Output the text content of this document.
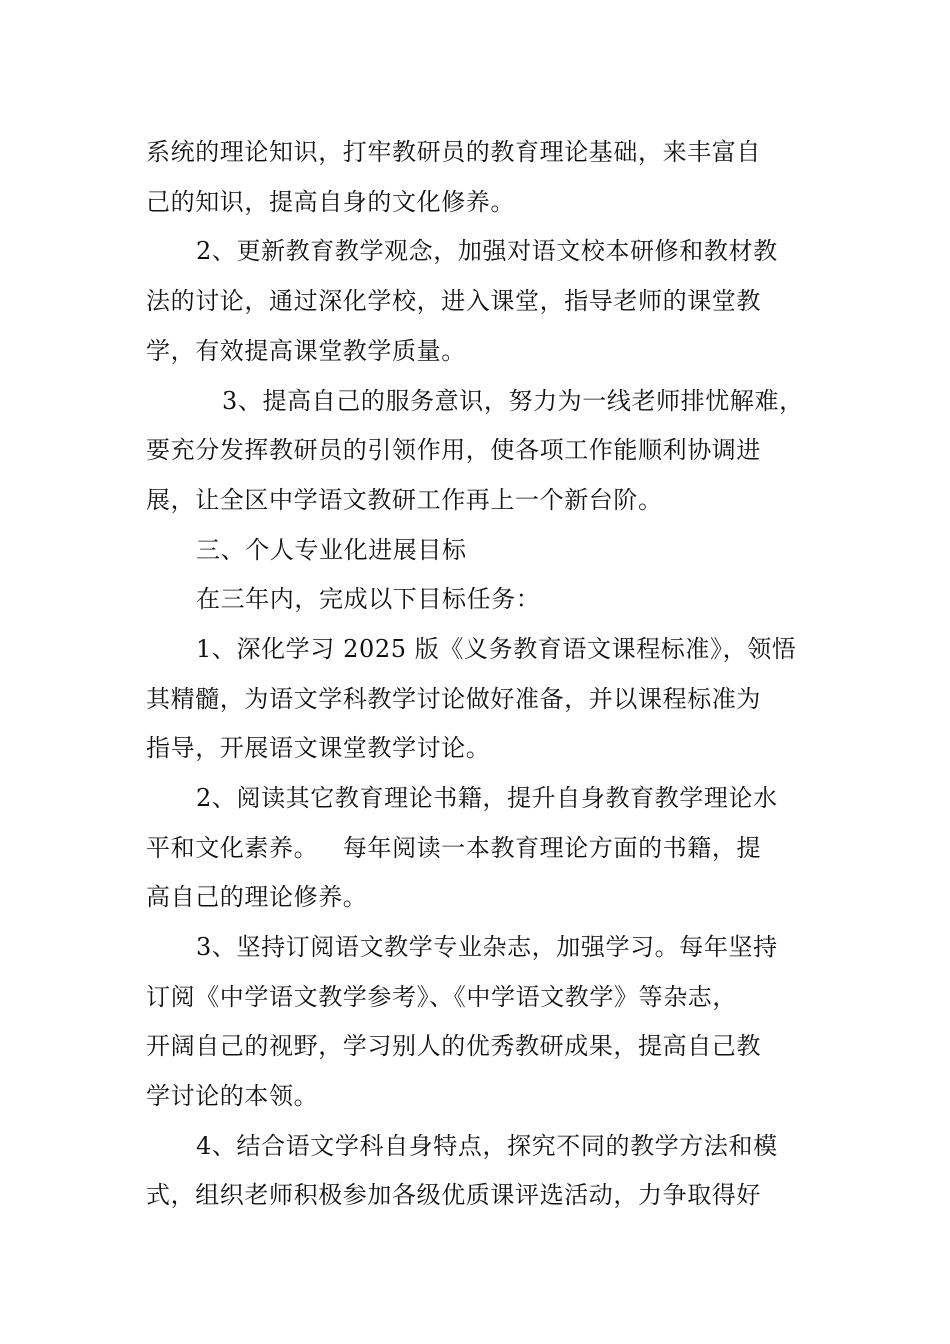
系统的理论知识，打牢教研员的教育理论基础，来丰富自
己的知识，提高自身的文化修养。
2、更新教育教学观念，加强对语文校本研修和教材教
法的讨论，通过深化学校，进入课堂，指导老师的课堂教
学，有效提高课堂教学质量。
3、提高自己的服务意识，努力为一线老师排忧解难，
要充分发挥教研员的引领作用，使各项工作能顺利协调进
展，让全区中学语文教研工作再上一个新台阶。
三、个人专业化进展目标
在三年内，完成以下目标任务：
1、深化学习 2025 版《义务教育语文课程标准》，领悟
其精髓，为语文学科教学讨论做好准备，并以课程标准为
指导，开展语文课堂教学讨论。
2、阅读其它教育理论书籍，提升自身教育教学理论水
平和文化素养。   每年阅读一本教育理论方面的书籍，提
高自己的理论修养。
3、坚持订阅语文教学专业杂志，加强学习。每年坚持
订阅《中学语文教学参考》、《中学语文教学》等杂志，
开阔自己的视野，学习别人的优秀教研成果，提高自己教
学讨论的本领。
4、结合语文学科自身特点，探究不同的教学方法和模
式，组织老师积极参加各级优质课评选活动，力争取得好
